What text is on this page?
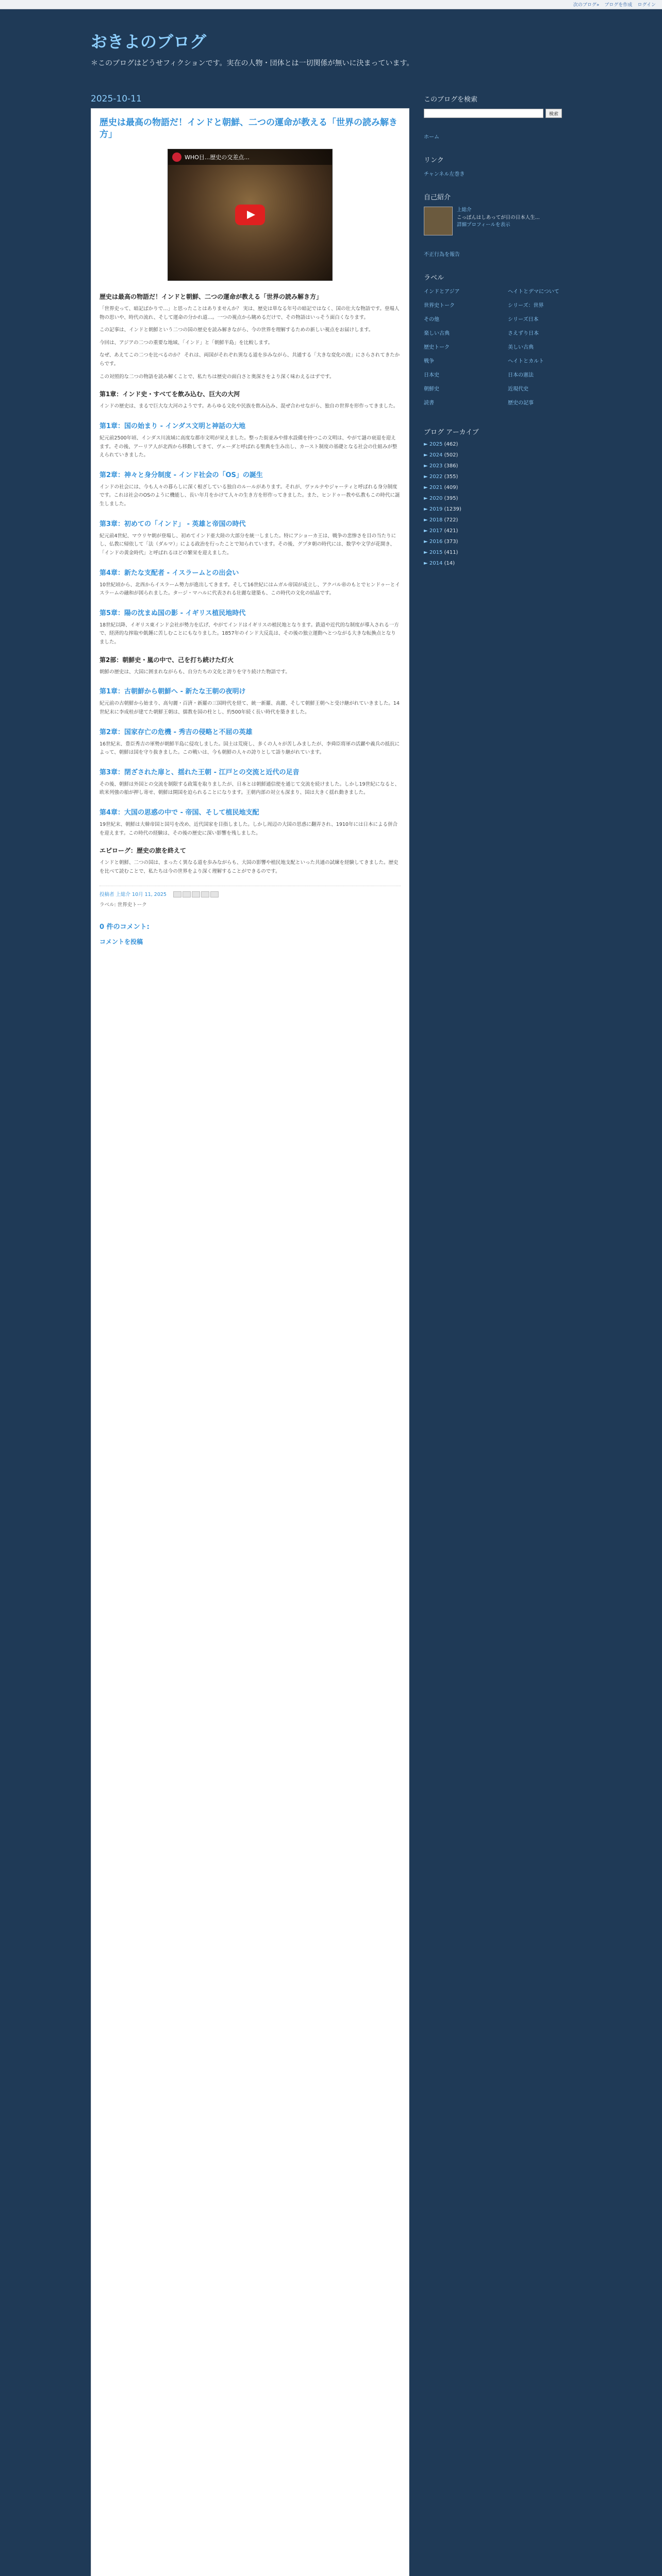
次のブログ» ブログを作成 ログイン
おきよのブログ
＊このブログはどうせフィクションです。実在の人物・団体とは一切関係が無いに決まっています。
2025-10-11
歴史は最高の物語だ！インドと朝鮮、二つの運命が教える「世界の読み解き方」
WHO目...歴史の交差点...
歴史は最高の物語だ！インドと朝鮮、二つの運命が教える「世界の読み解き方」

「世界史って、暗記ばかりで…」と思ったことはありませんか？ 実は、歴史は単なる年号の暗記ではなく、国の壮大な物語です。登場人物の思いや、時代の流れ、そして運命の分かれ道…。一つの視点から眺めるだけで、その物語はいっそう面白くなります。

この記事は、インドと朝鮮という二つの国の歴史を読み解きながら、今の世界を理解するための新しい視点をお届けします。

今回は、アジアの二つの重要な地域、「インド」と「朝鮮半島」を比較します。

なぜ、あえてこの二つを比べるのか？ それは、両国がそれぞれ異なる道を歩みながら、共通する「大きな変化の波」にさらされてきたからです。

この対照的な二つの物語を読み解くことで、私たちは歴史の面白さと奥深さをより深く味わえるはずです。

第1章：インド史・すべてを飲み込む、巨大の大河

インドの歴史は、まるで巨大な大河のようです。あらゆる文化や民族を飲み込み、混ぜ合わせながら、独自の世界を形作ってきました。

第1章：国の始まり - インダス文明と神話の大地

紀元前2500年頃、インダス川流域に高度な都市文明が栄えました。整った街並みや排水設備を持つこの文明は、やがて謎の衰退を迎えます。その後、アーリア人が北西から移動してきて、ヴェーダと呼ばれる聖典を生み出し、カースト制度の基礎となる社会の仕組みが整えられていきました。

第2章：神々と身分制度 - インド社会の「OS」の誕生

インドの社会には、今も人々の暮らしに深く根ざしている独自のルールがあります。それが、ヴァルナやジャーティと呼ばれる身分制度です。これは社会のOSのように機能し、長い年月をかけて人々の生き方を形作ってきました。また、ヒンドゥー教や仏教もこの時代に誕生しました。

第3章：初めての「インド」 - 英雄と帝国の時代

紀元前4世紀、マウリヤ朝が登場し、初めてインド亜大陸の大部分を統一しました。特にアショーカ王は、戦争の悲惨さを目の当たりにし、仏教に帰依して「法（ダルマ）」による政治を行ったことで知られています。その後、グプタ朝の時代には、数学や文学が花開き、「インドの黄金時代」と呼ばれるほどの繁栄を迎えました。

第4章：新たな支配者 - イスラームとの出会い

10世紀頃から、北西からイスラーム勢力が進出してきます。そして16世紀にはムガル帝国が成立し、アクバル帝のもとでヒンドゥーとイスラームの融和が図られました。タージ・マハルに代表される壮麗な建築も、この時代の文化の結晶です。

第5章：陽の沈まぬ国の影 - イギリス植民地時代

18世紀以降、イギリス東インド会社が勢力を広げ、やがてインドはイギリスの植民地となります。鉄道や近代的な制度が導入される一方で、経済的な搾取や飢饉に苦しむことにもなりました。1857年のインド大反乱は、その後の独立運動へとつながる大きな転換点となりました。

第2部：朝鮮史・嵐の中で、己を打ち続けた灯火

朝鮮の歴史は、大国に囲まれながらも、自分たちの文化と誇りを守り続けた物語です。

第1章：古朝鮮から朝鮮へ - 新たな王朝の夜明け

紀元前の古朝鮮から始まり、高句麗・百済・新羅の三国時代を経て、統一新羅、高麗、そして朝鮮王朝へと受け継がれていきました。14世紀末に李成桂が建てた朝鮮王朝は、儒教を国の柱とし、約500年続く長い時代を築きました。

第2章：国家存亡の危機 - 秀吉の侵略と不屈の英雄

16世紀末、豊臣秀吉の軍勢が朝鮮半島に侵攻しました。国土は荒廃し、多くの人々が苦しみましたが、李舜臣将軍の活躍や義兵の抵抗によって、朝鮮は国を守り抜きました。この戦いは、今も朝鮮の人々の誇りとして語り継がれています。

第3章：閉ざされた扉と、揺れた王朝 - 江戸との交流と近代の足音

その後、朝鮮は外国との交流を制限する政策を取りましたが、日本とは朝鮮通信使を通じて交流を続けました。しかし19世紀になると、欧米列強の船が押し寄せ、朝鮮は開国を迫られることになります。王朝内部の対立も深まり、国は大きく揺れ動きました。

第4章：大国の思惑の中で - 帝国、そして植民地支配

19世紀末、朝鮮は大韓帝国と国号を改め、近代国家を目指しました。しかし周辺の大国の思惑に翻弄され、1910年には日本による併合を迎えます。この時代の経験は、その後の歴史に深い影響を残しました。

エピローグ：歴史の旅を終えて

インドと朝鮮、二つの国は、まったく異なる道を歩みながらも、大国の影響や植民地支配といった共通の試練を経験してきました。歴史を比べて読むことで、私たちは今の世界をより深く理解することができるのです。

投稿者 上総介 10月 11, 2025
ラベル: 世界史トーク
0 件のコメント:
コメントを投稿
このブログを検索
検索
ホーム
リンク
チャンネル左巻き
自己紹介
上総介
こっぽんはしあってが日の日本人生...
詳細プロフィールを表示
不正行為を報告
ラベル
インドとアジア
世界史トーク
その他
楽しい古典
歴史トーク
戦争
日本史
朝鮮史
読書
ヘイトとデマについて
シリーズ：世界
シリーズ日本
さえずり日本
美しい古典
ヘイトとカルト
日本の憲法
近現代史
歴史の記事
ブログ アーカイブ
► 2025 (462)
► 2024 (502)
► 2023 (386)
► 2022 (355)
► 2021 (409)
► 2020 (395)
► 2019 (1239)
► 2018 (722)
► 2017 (421)
► 2016 (373)
► 2015 (411)
► 2014 (14)
